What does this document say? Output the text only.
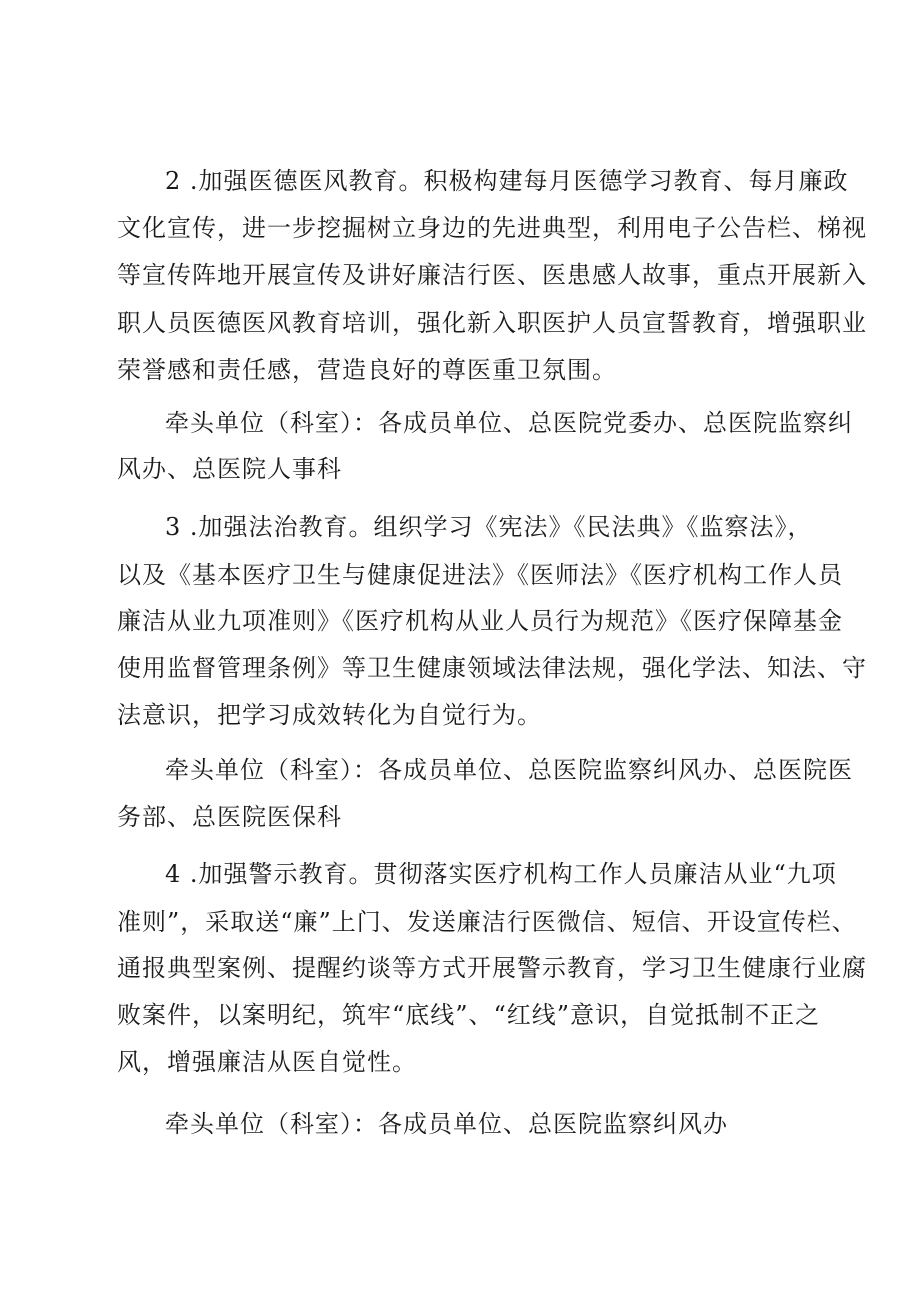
2 .加强医德医风教育。积极构建每月医德学习教育、每月廉政
文化宣传，进一步挖掘树立身边的先进典型，利用电子公告栏、梯视
等宣传阵地开展宣传及讲好廉洁行医、医患感人故事，重点开展新入
职人员医德医风教育培训，强化新入职医护人员宣誓教育，增强职业
荣誉感和责任感，营造良好的尊医重卫氛围。
牵头单位（科室）：各成员单位、总医院党委办、总医院监察纠
风办、总医院人事科
3 .加强法治教育。组织学习《宪法》《民法典》《监察法》，
以及《基本医疗卫生与健康促进法》《医师法》《医疗机构工作人员
廉洁从业九项准则》《医疗机构从业人员行为规范》《医疗保障基金
使用监督管理条例》等卫生健康领域法律法规，强化学法、知法、守
法意识，把学习成效转化为自觉行为。
牵头单位（科室）：各成员单位、总医院监察纠风办、总医院医
务部、总医院医保科
4 .加强警示教育。贯彻落实医疗机构工作人员廉洁从业“九项
准则”，采取送“廉”上门、发送廉洁行医微信、短信、开设宣传栏、
通报典型案例、提醒约谈等方式开展警示教育，学习卫生健康行业腐
败案件，以案明纪，筑牢“底线”、“红线”意识，自觉抵制不正之
风，增强廉洁从医自觉性。
牵头单位（科室）：各成员单位、总医院监察纠风办
